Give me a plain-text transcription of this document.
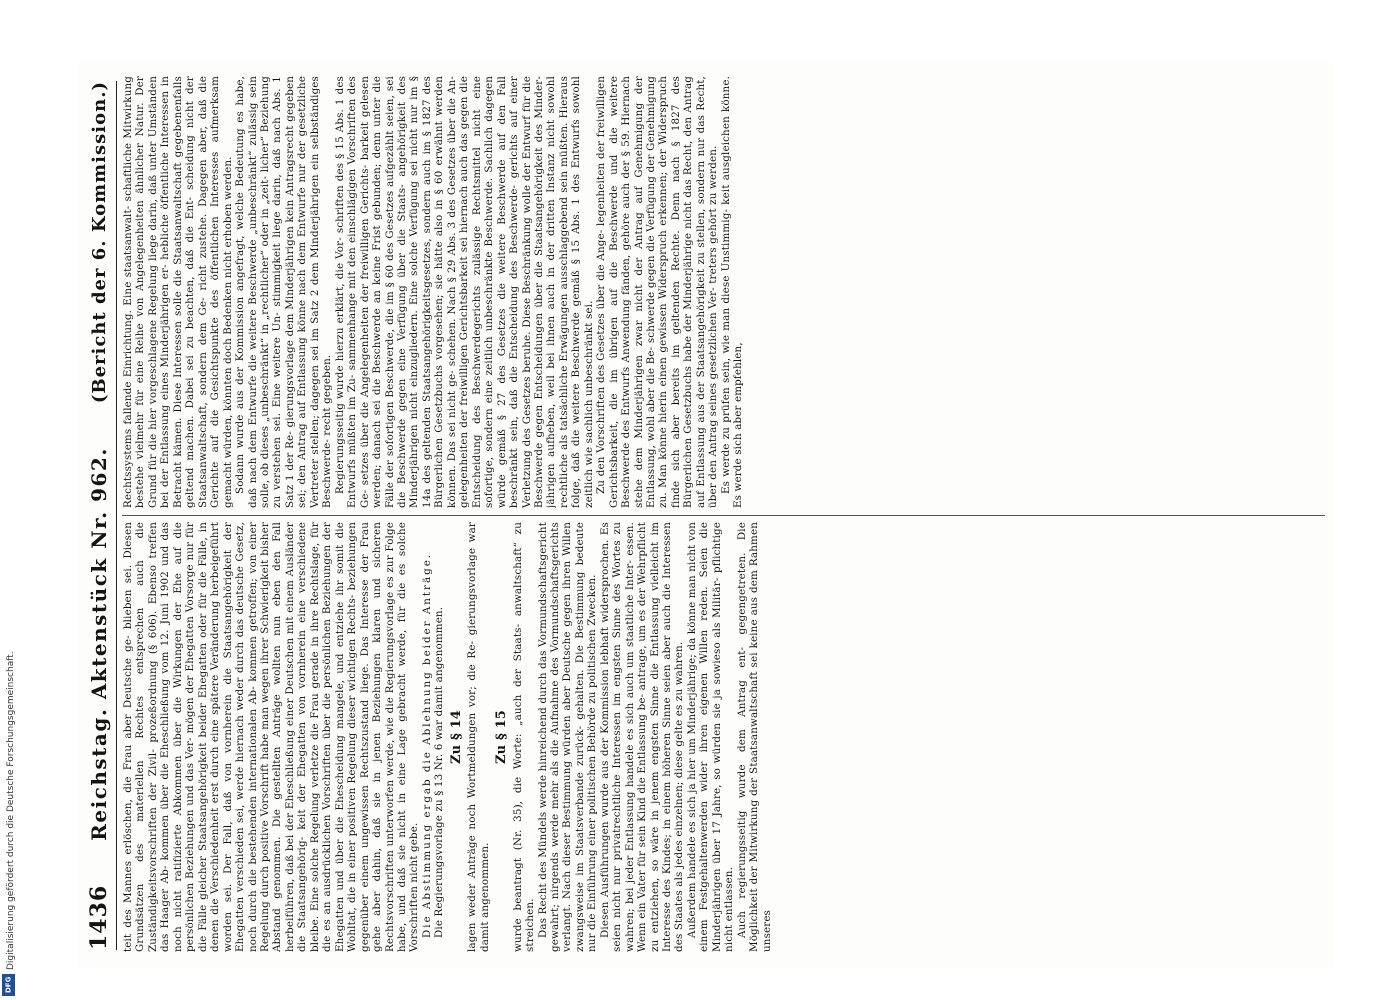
Digitalisierung gefördert durch die Deutsche Forschungsgemeinschaft.
DFG
1436
Reichstag. Aktenstück Nr. 962.
(Bericht der 6. Kommission.)

teit des Mannes erlöschen, die Frau aber Deutsche ge- blieben sei. Diesen Grundsätzen des materiellen Rechtes entsprechen auch die Zuständigkeitsvorschriften der Zivil- prozeßordnung (§ 606). Ebenso treffen das Haager Ab- kommen über die Eheschließung vom 12. Juni 1902 und das noch nicht ratifizierte Abkommen über die Wirkungen der Ehe auf die persönlichen Beziehungen und das Ver- mögen der Ehegatten Vorsorge nur für die Fälle gleicher Staatsangehörigkeit beider Ehegatten oder für die Fälle, in denen die Verschiedenheit erst durch eine spätere Veränderung herbeigeführt worden sei. Der Fall, daß von vornherein die Staatsangehörigkeit der Ehegatten verschieden sei, werde hiernach weder durch das deutsche Gesetz, noch durch die bestehenden internationalen Ab- kommen getroffen; von einer Regelung durch positive Vorschrift habe man wegen ihrer Schwierigkeit bisher Abstand genommen. Die gestellten Anträge wollten nun eben den Fall herbeiführen, daß bei der Eheschließung einer Deutschen mit einem Ausländer die Staatsangehörig- keit der Ehegatten von vornherein eine verschiedene bleibe. Eine solche Regelung verletze die Frau gerade in ihre Rechtslage, für die es an ausdrücklichen Vorschriften über die persönlichen Beziehungen der Ehegatten und über die Ehescheidung mangele, und entziehe ihr somit die Wohltat, die in einer positiven Regelung dieser wichtigen Rechts- beziehungen gegenüber einem ungewissen Rechtszustand liege. Das Interesse der Frau gehe aber dahin, daß sie in jenen Beziehungen klaren und sicheren Rechtsvorschriften unterworfen werde, wie die Regierungsvorlage es zur Folge habe, und daß sie nicht in eine Lage gebracht werde, für die es solche Vorschriften nicht gebe. Die Abstimmung ergab die Ablehnung beider Anträge. Die Regierungsvorlage zu § 13 Nr. 6 war damit angenommen. Zu § 14 lagen weder Anträge noch Wortmeldungen vor; die Re- gierungsvorlage war damit angenommen.

Zu § 15 wurde beantragt (Nr. 35), die Worte: „auch der Staats- anwaltschaft“ zu streichen. Das Recht des Mündels werde hinreichend durch das Vormundschaftsgericht gewahrt; nirgends werde mehr als die Aufnahme des Vormundschaftsgerichts verlangt. Nach dieser Bestimmung würden aber Deutsche gegen ihren Willen zwangsweise im Staatsverbande zurück- gehalten. Die Bestimmung bedeute nur die Einführung einer politischen Behörde zu politischen Zwecken. Diesen Ausführungen wurde aus der Kommission lebhaft widersprochen. Es seien nicht nur privatrechtliche Interessen im engsten Sinne des Wortes zu wahren; bei jeder Entlassung handele es sich auch um staatliche Inter- essen. Wenn ein Vater für sein Kind die Entlassung be- antrage, um es der Wehrpflicht zu entziehen, so wäre in jenem engsten Sinne die Entlassung vielleicht im Interesse des Kindes; in einem höheren Sinne seien aber auch die Interessen des Staates als jedes einzelnen; diese gelte es zu wahren. Außerdem handele es sich ja hier um Minderjährige; da könne man nicht von einem Festgehaltenwerden wider ihren eigenen Willen reden. Seien die Minderjährigen über 17 Jahre, so würden sie ja sowieso als Militär- pflichtige nicht entlassen. Auch regierungsseitig wurde dem Antrag ent- gegengetreten. Die Möglichkeit der Mitwirkung der Staatsanwaltschaft sei keine aus dem Rahmen unseres

Rechtssystems fallende Einrichtung. Eine staatsanwalt- schaftliche Mitwirkung bestehe vielmehr für eine Reihe von Angelegenheiten ähnlicher Natur. Der Grund für die hier vorgeschlagene Regelung liege darin, daß unter Umständen bei der Entlassung eines Minderjährigen er- hebliche öffentliche Interessen in Betracht kämen. Diese Interessen solle die Staatsanwaltschaft gegebenenfalls geltend machen. Dabei sei zu beachten, daß die Ent- scheidung nicht der Staatsanwaltschaft, sondern dem Ge- richt zustehe. Dagegen aber, daß die Gerichte auf die Gesichtspunkte des öffentlichen Interesses aufmerksam gemacht würden, könnten doch Bedenken nicht erhoben werden. Sodann wurde aus der Kommission angefragt, welche Bedeutung es habe, daß nach dem Entwurfe die weitere Beschwerde „unbeschränkt“ zulässig sein solle, ob dieses „unbeschränkt“ in „rechtlicher“ oder in „zeit- licher“ Beziehung zu verstehen sei. Eine weitere Un- stimmigkeit liege darin, daß nach Abs. 1 Satz 1 der Re- gierungsvorlage dem Minderjährigen kein Antragsrecht gegeben sei; den Antrag auf Entlassung könne nach dem Entwurfe nur der gesetzliche Vertreter stellen; dagegen sei im Satz 2 dem Minderjährigen ein selbständiges Beschwerde- recht gegeben. Regierungsseitig wurde hierzu erklärt, die Vor- schriften des § 15 Abs. 1 des Entwurfs müßten im Zu- sammenhange mit den einschlägigen Vorschriften des Ge- setzes über die Angelegenheiten der freiwilligen Gerichts- barkeit gelesen werden; danach sei die Beschwerde an keine Frist gebunden; denn unter die Fälle der sofortigen Beschwerde, die im § 60 des Gesetzes aufgezählt seien, sei die Beschwerde gegen eine Verfügung über die Staats- angehörigkeit des Minderjährigen nicht einzugliedern. Eine solche Verfügung sei nicht nur im § 14a des geltenden Staatsangehörigkeitsgesetzes, sondern auch im § 1827 des Bürgerlichen Gesetzbuchs vorgesehen; sie hätte also in § 60 erwähnt werden können. Das sei nicht ge- schehen. Nach § 29 Abs. 3 des Gesetzes über die An- gelegenheiten der freiwilligen Gerichtsbarkeit sei hiernach auch das gegen die Entscheidung des Beschwerdegerichts zulässige Rechtsmittel nicht eine sofortige, sondern eine zeitlich unbeschränkte Beschwerde. Sachlich dagegen würde gemäß § 27 des Gesetzes die weitere Beschwerde auf den Fall beschränkt sein, daß die Entscheidung des Beschwerde- gerichts auf einer Verletzung des Gesetzes beruhe. Diese Beschränkung wolle der Entwurf für die Beschwerde gegen Entscheidungen über die Staatsangehörigkeit des Minder- jährigen aufheben, weil bei ihnen auch in der dritten Instanz nicht sowohl rechtliche als tatsächliche Erwägungen ausschlaggebend sein müßten. Hieraus folge, daß die weitere Beschwerde gemäß § 15 Abs. 1 des Entwurfs sowohl zeitlich wie sachlich unbeschränkt sei. Zu den Vorschriften des Gesetzes über die Ange- legenheiten der freiwilligen Gerichtsbarkeit, die im übrigen auf die Beschwerde und die weitere Beschwerde des Entwurfs Anwendung fänden, gehöre auch der § 59. Hiernach stehe dem Minderjährigen zwar nicht der Antrag auf Genehmigung der Entlassung, wohl aber die Be- schwerde gegen die Verfügung der Genehmigung zu. Man könne hierin einen gewissen Widerspruch erkennen; der Widerspruch finde sich aber bereits im geltenden Rechte. Denn nach § 1827 des Bürgerlichen Gesetzbuchs habe der Minderjährige nicht das Recht, den Antrag auf Entlassung aus der Staatsangehörigkeit zu stellen, sondern nur das Recht, über den Antrag seines gesetzlichen Ver- treters gehört zu werden. Es werde zu prüfen sein, wie man diese Unstimmig- keit ausgleichen könne. Es werde sich aber empfehlen,
